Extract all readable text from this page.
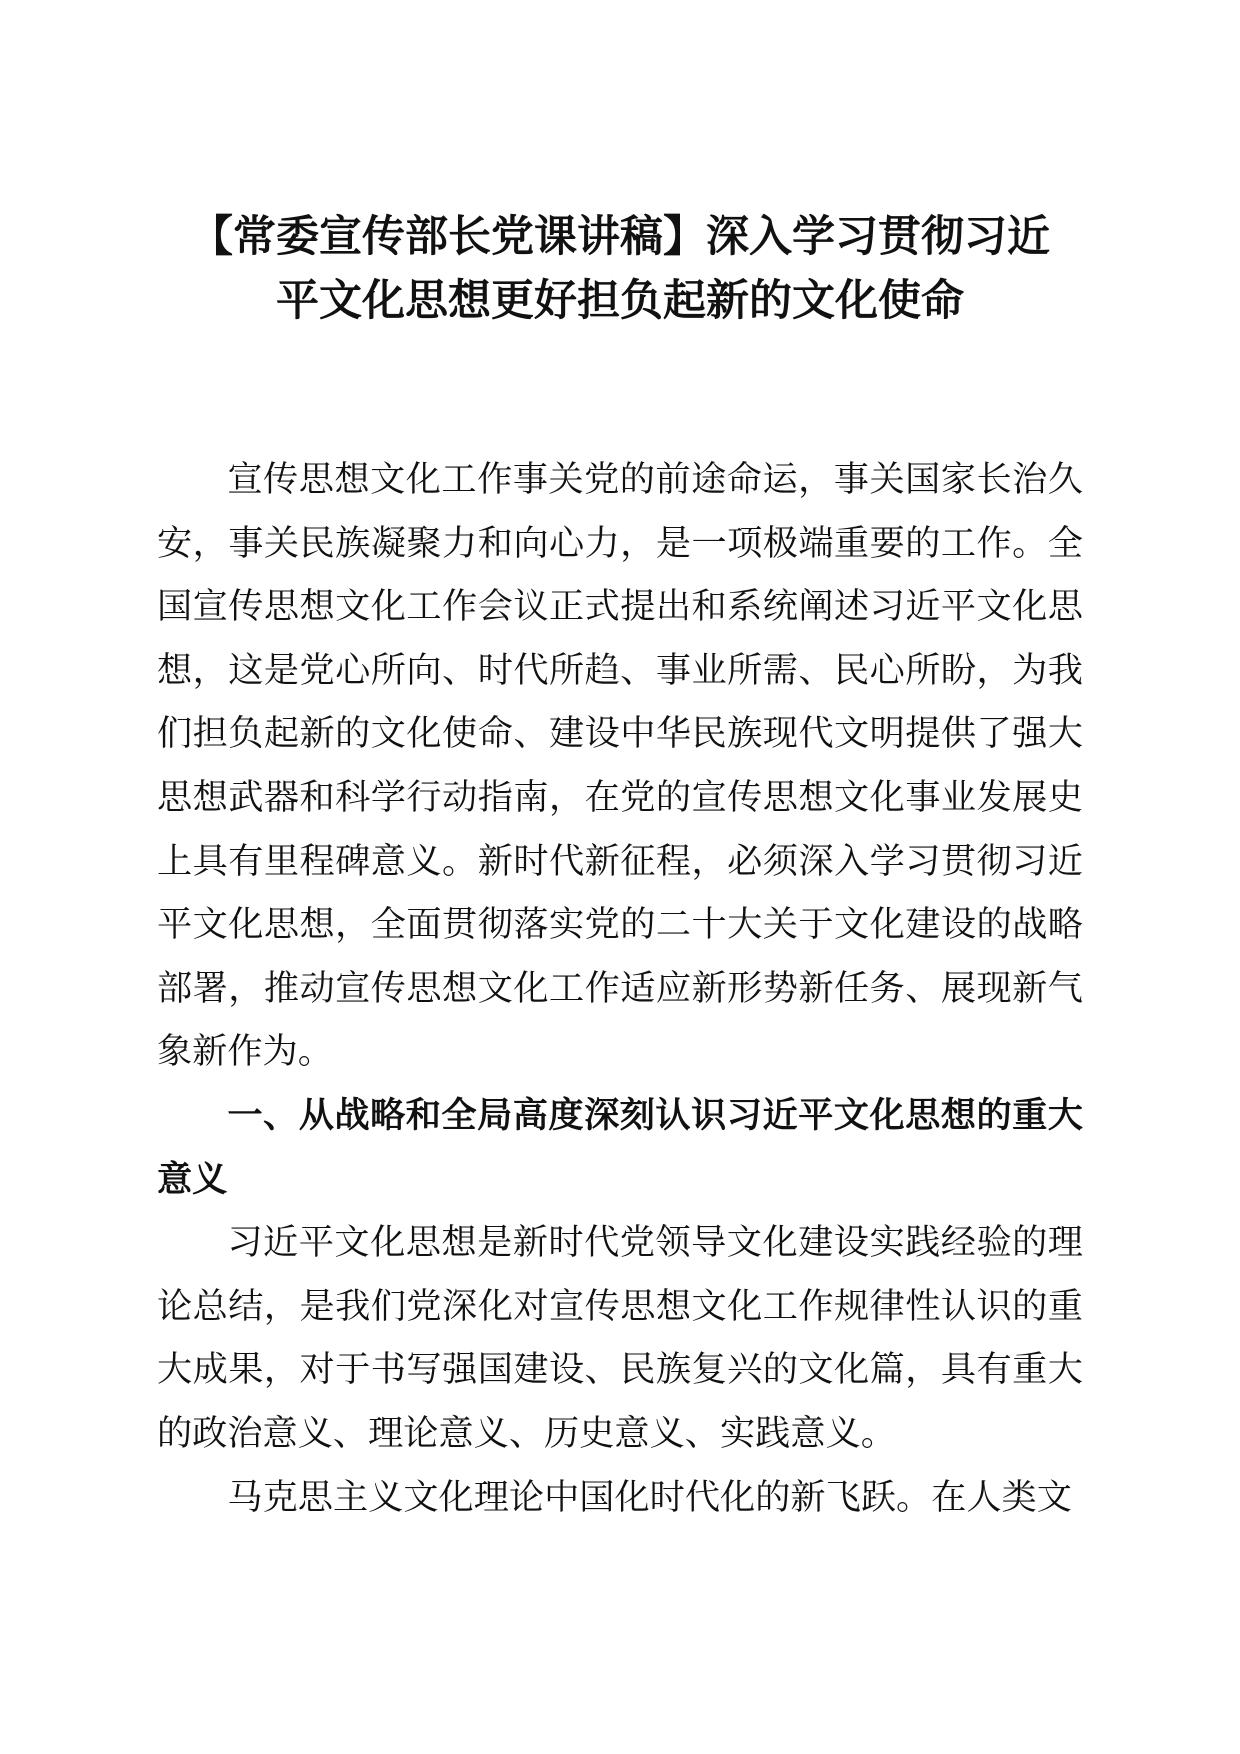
【常委宣传部长党课讲稿】深入学习贯彻习近
平文化思想更好担负起新的文化使命

宣传思想文化工作事关党的前途命运，事关国家长治久安，事关民族凝聚力和向心力，是一项极端重要的工作。全国宣传思想文化工作会议正式提出和系统阐述习近平文化思想，这是党心所向、时代所趋、事业所需、民心所盼，为我们担负起新的文化使命、建设中华民族现代文明提供了强大思想武器和科学行动指南，在党的宣传思想文化事业发展史上具有里程碑意义。新时代新征程，必须深入学习贯彻习近平文化思想，全面贯彻落实党的二十大关于文化建设的战略部署，推动宣传思想文化工作适应新形势新任务、展现新气象新作为。

一、从战略和全局高度深刻认识习近平文化思想的重大意义

习近平文化思想是新时代党领导文化建设实践经验的理论总结，是我们党深化对宣传思想文化工作规律性认识的重大成果，对于书写强国建设、民族复兴的文化篇，具有重大的政治意义、理论意义、历史意义、实践意义。

马克思主义文化理论中国化时代化的新飞跃。在人类文
